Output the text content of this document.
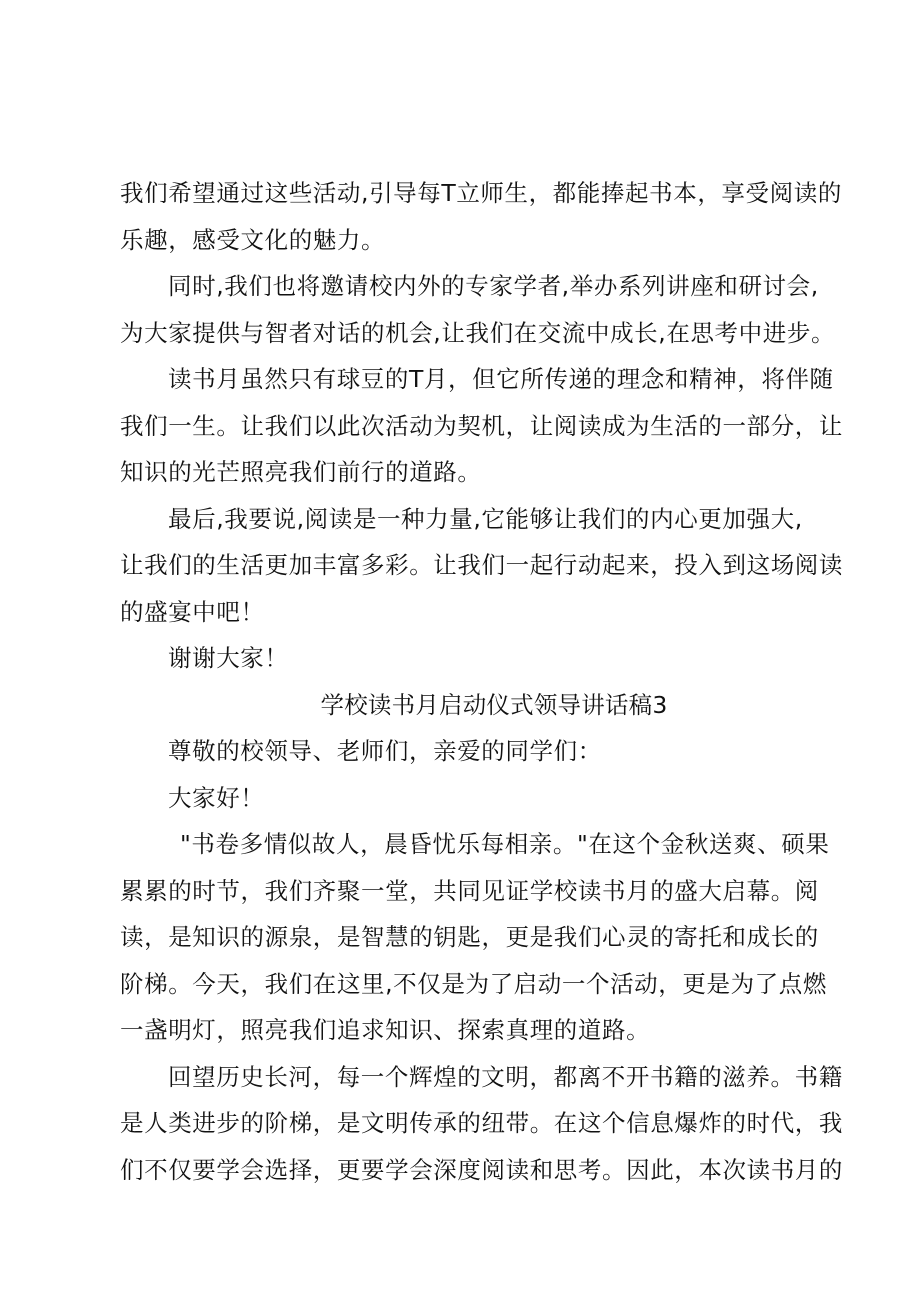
我们希望通过这些活动,引导每T立师生，都能捧起书本，享受阅读的
乐趣，感受文化的魅力。
同时,我们也将邀请校内外的专家学者,举办系列讲座和研讨会,
为大家提供与智者对话的机会,让我们在交流中成长,在思考中进步。
读书月虽然只有球豆的T月，但它所传递的理念和精神，将伴随
我们一生。让我们以此次活动为契机，让阅读成为生活的一部分，让
知识的光芒照亮我们前行的道路。
最后,我要说,阅读是一种力量,它能够让我们的内心更加强大,
让我们的生活更加丰富多彩。让我们一起行动起来，投入到这场阅读
的盛宴中吧！
谢谢大家！
学校读书月启动仪式领导讲话稿3
尊敬的校领导、老师们，亲爱的同学们：
大家好！
"书卷多情似故人，晨昏忧乐每相亲。"在这个金秋送爽、硕果
累累的时节，我们齐聚一堂，共同见证学校读书月的盛大启幕。阅
读，是知识的源泉，是智慧的钥匙，更是我们心灵的寄托和成长的
阶梯。今天，我们在这里,不仅是为了启动一个活动，更是为了点燃
一盏明灯，照亮我们追求知识、探索真理的道路。
回望历史长河，每一个辉煌的文明，都离不开书籍的滋养。书籍
是人类进步的阶梯，是文明传承的纽带。在这个信息爆炸的时代，我
们不仅要学会选择，更要学会深度阅读和思考。因此，本次读书月的
